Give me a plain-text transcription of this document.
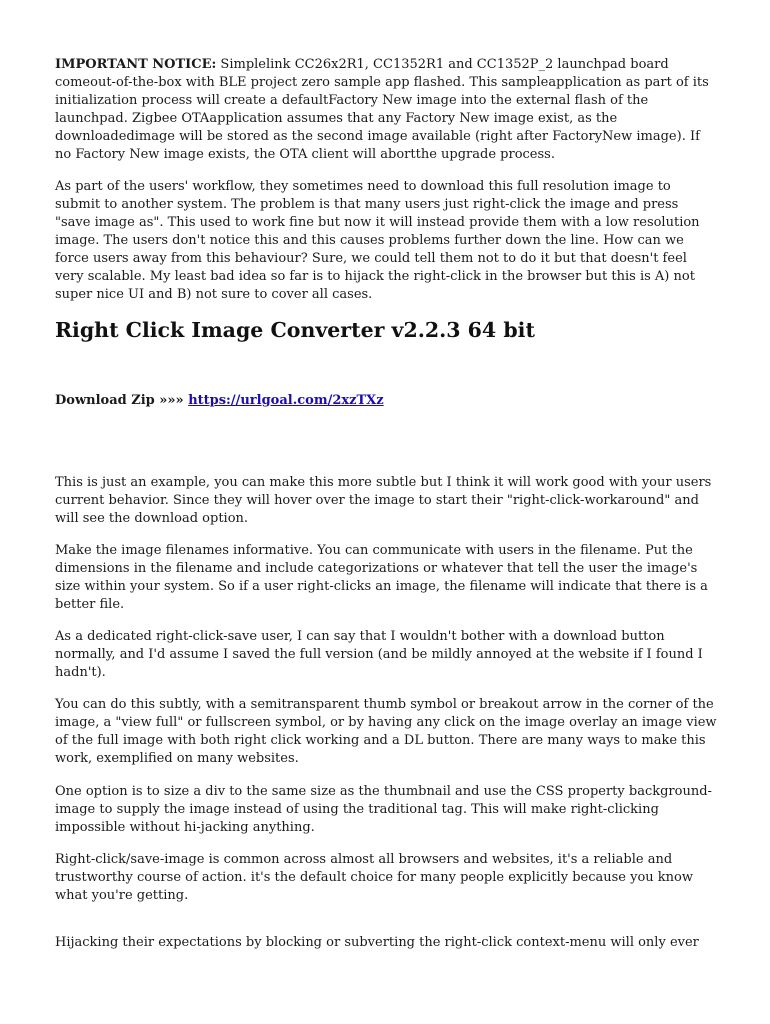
IMPORTANT NOTICE: Simplelink CC26x2R1, CC1352R1 and CC1352P_2 launchpad board comeout-of-the-box with BLE project zero sample app flashed. This sampleapplication as part of its initialization process will create a defaultFactory New image into the external flash of the launchpad. Zigbee OTAapplication assumes that any Factory New image exist, as the downloadedimage will be stored as the second image available (right after FactoryNew image). If no Factory New image exists, the OTA client will abortthe upgrade process.

As part of the users' workflow, they sometimes need to download this full resolution image to submit to another system. The problem is that many users just right-click the image and press "save image as". This used to work fine but now it will instead provide them with a low resolution image. The users don't notice this and this causes problems further down the line. How can we force users away from this behaviour? Sure, we could tell them not to do it but that doesn't feel very scalable. My least bad idea so far is to hijack the right-click in the browser but this is A) not super nice UI and B) not sure to cover all cases.

Right Click Image Converter v2.2.3 64 bit

Download Zip »»» https://urlgoal.com/2xzTXz

This is just an example, you can make this more subtle but I think it will work good with your users current behavior. Since they will hover over the image to start their "right-click-workaround" and will see the download option.

Make the image filenames informative. You can communicate with users in the filename. Put the dimensions in the filename and include categorizations or whatever that tell the user the image's size within your system. So if a user right-clicks an image, the filename will indicate that there is a better file.

As a dedicated right-click-save user, I can say that I wouldn't bother with a download button normally, and I'd assume I saved the full version (and be mildly annoyed at the website if I found I hadn't).

You can do this subtly, with a semitransparent thumb symbol or breakout arrow in the corner of the image, a "view full" or fullscreen symbol, or by having any click on the image overlay an image view of the full image with both right click working and a DL button. There are many ways to make this work, exemplified on many websites.

One option is to size a div to the same size as the thumbnail and use the CSS property background-image to supply the image instead of using the traditional tag. This will make right-clicking impossible without hi-jacking anything.

Right-click/save-image is common across almost all browsers and websites, it's a reliable and trustworthy course of action. it's the default choice for many people explicitly because you know what you're getting.

Hijacking their expectations by blocking or subverting the right-click context-menu will only ever
